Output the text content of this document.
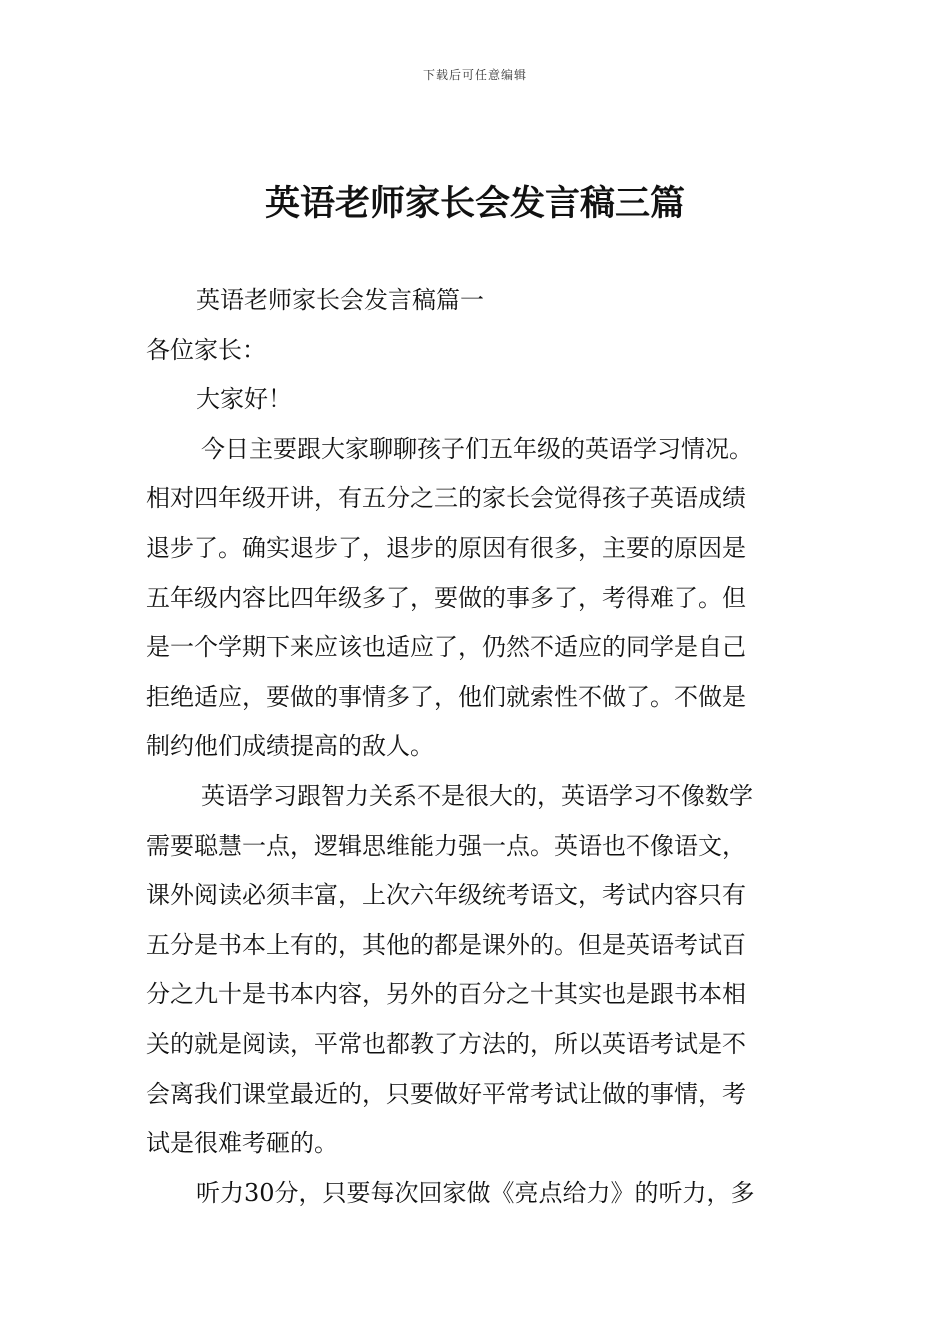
下载后可任意编辑
英语老师家长会发言稿三篇
英语老师家长会发言稿篇一
各位家长：
大家好！
今日主要跟大家聊聊孩子们五年级的英语学习情况。
相对四年级开讲，有五分之三的家长会觉得孩子英语成绩
退步了。确实退步了，退步的原因有很多，主要的原因是
五年级内容比四年级多了，要做的事多了，考得难了。但
是一个学期下来应该也适应了，仍然不适应的同学是自己
拒绝适应，要做的事情多了，他们就索性不做了。不做是
制约他们成绩提高的敌人。
英语学习跟智力关系不是很大的，英语学习不像数学
需要聪慧一点，逻辑思维能力强一点。英语也不像语文，
课外阅读必须丰富，上次六年级统考语文，考试内容只有
五分是书本上有的，其他的都是课外的。但是英语考试百
分之九十是书本内容，另外的百分之十其实也是跟书本相
关的就是阅读，平常也都教了方法的，所以英语考试是不
会离我们课堂最近的，只要做好平常考试让做的事情，考
试是很难考砸的。
听力30分，只要每次回家做《亮点给力》的听力，多
